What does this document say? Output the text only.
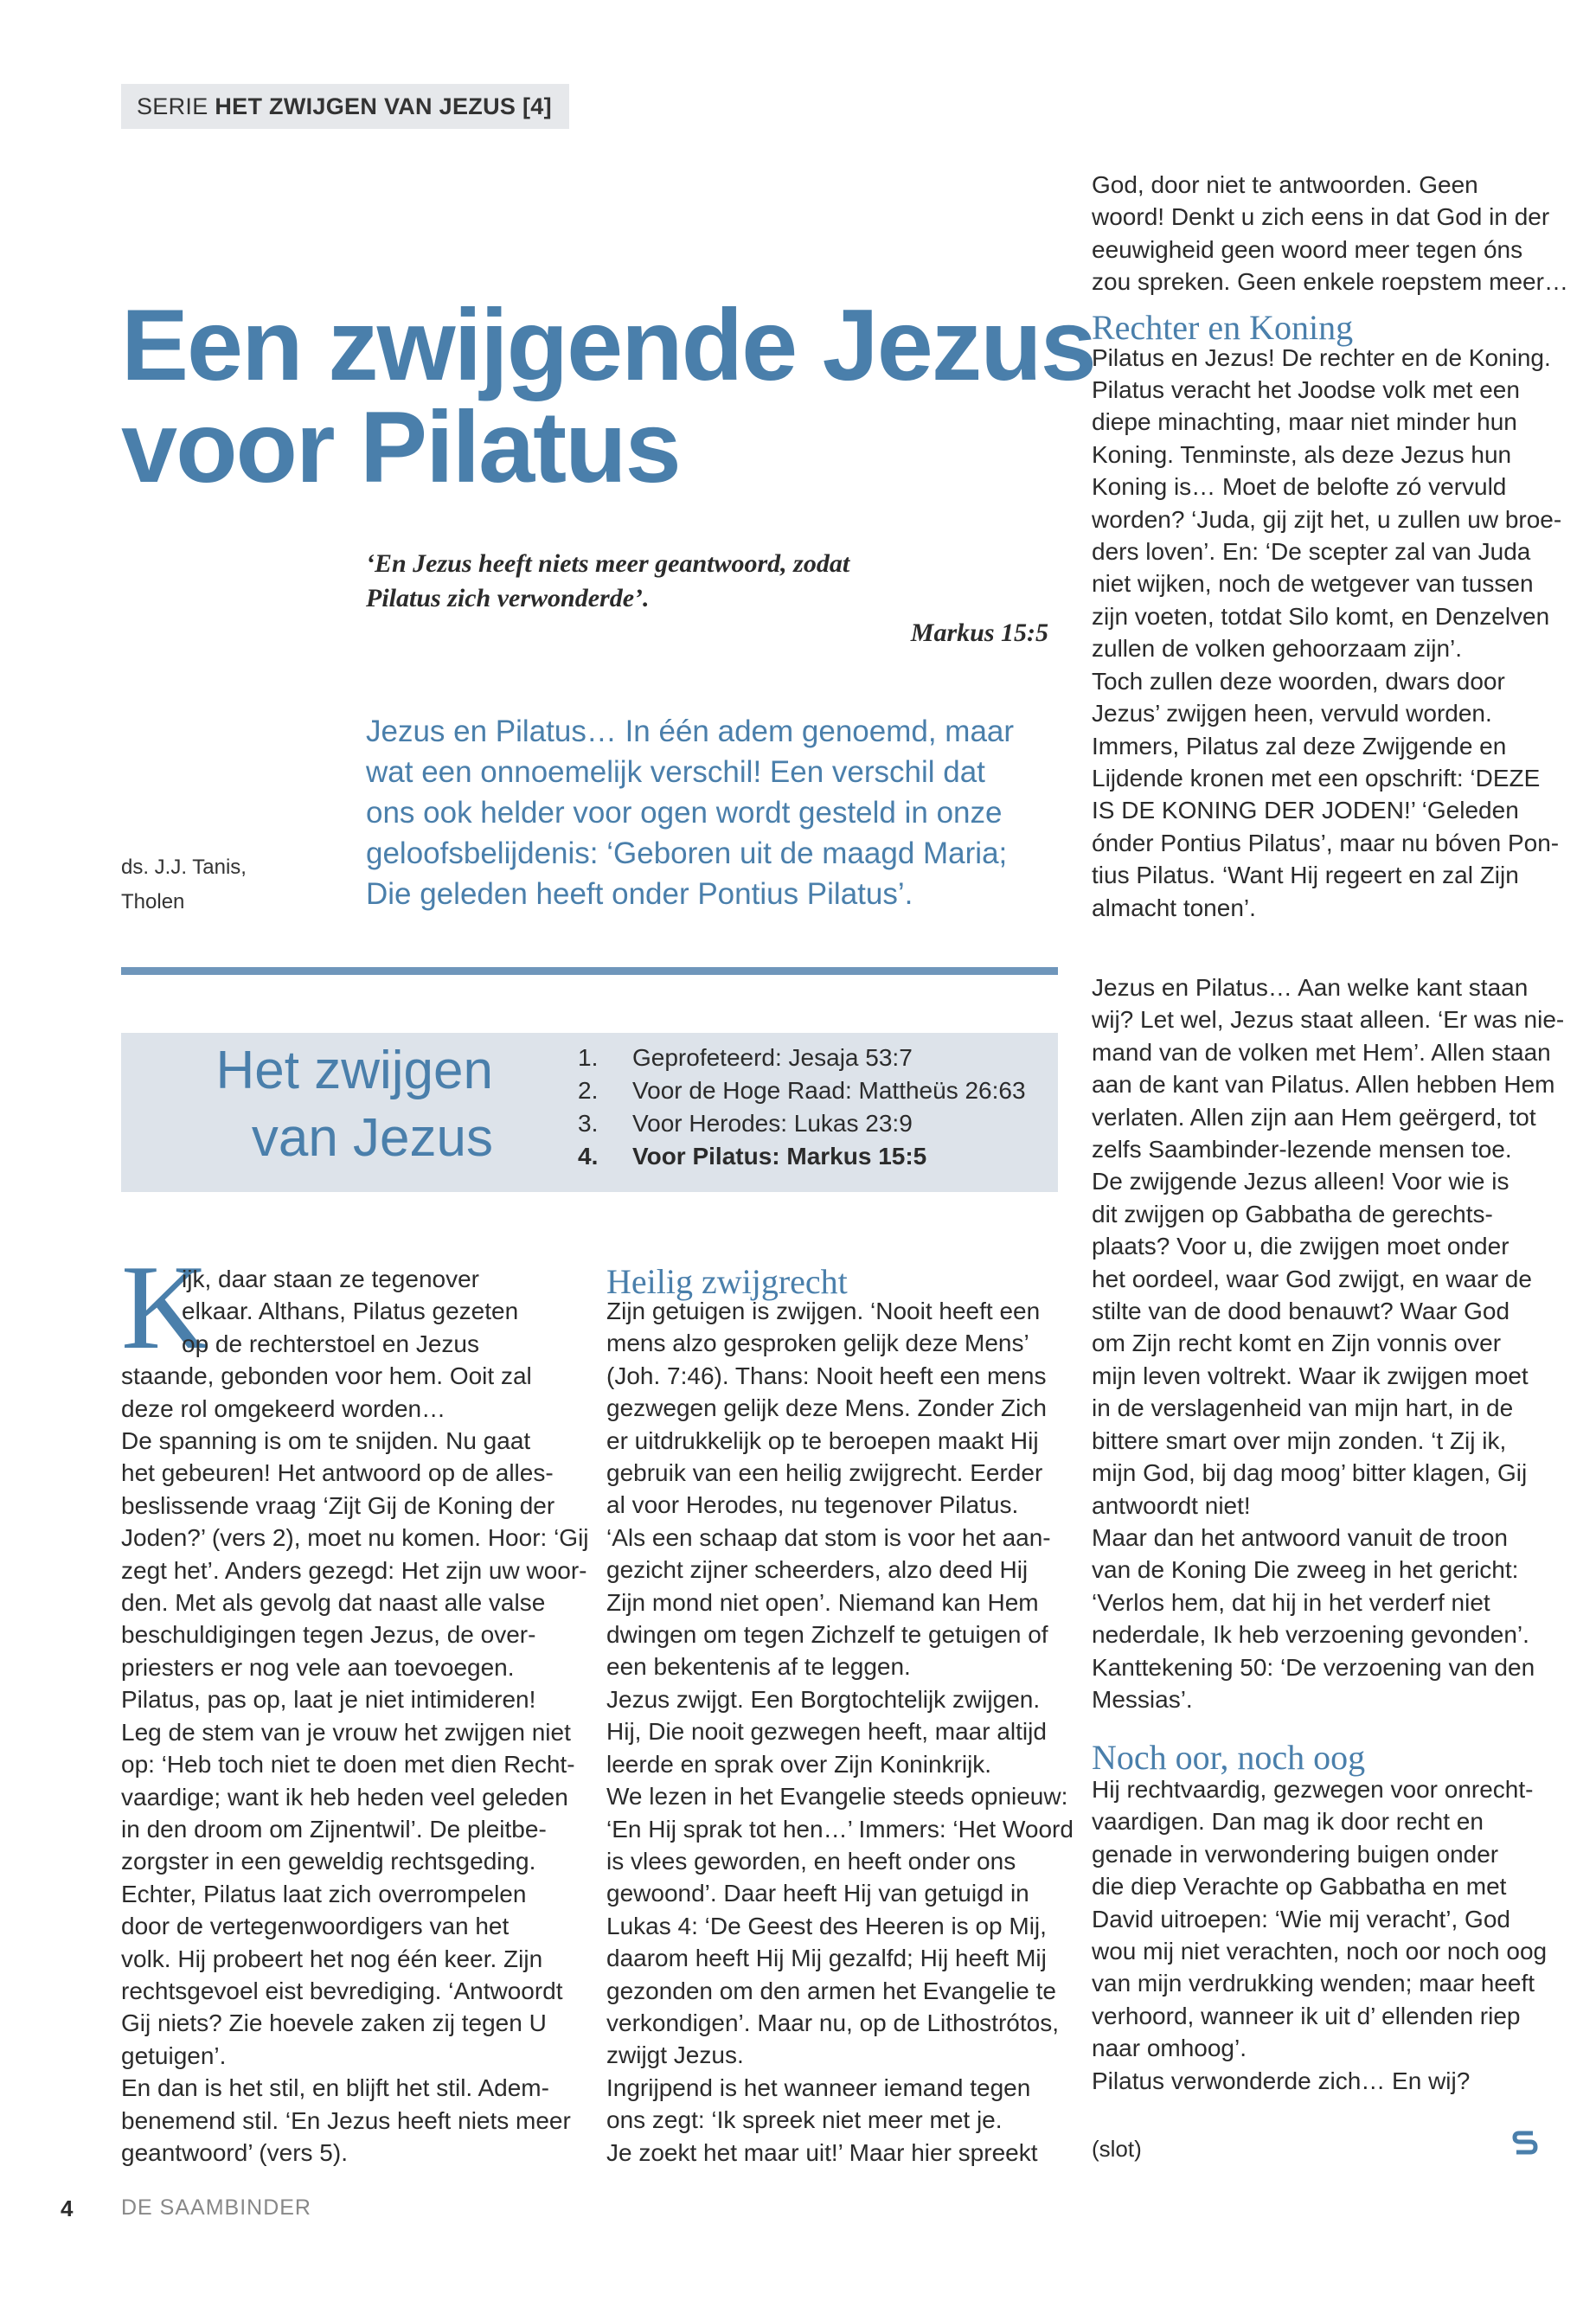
SERIE HET ZWIJGEN VAN JEZUS [4]
Een zwijgende Jezus
voor Pilatus
‘En Jezus heeft niets meer geantwoord, zodat
Pilatus zich verwonderde’.
Markus 15:5
Jezus en Pilatus… In één adem genoemd, maar
wat een onnoemelijk verschil! Een verschil dat
ons ook helder voor ogen wordt gesteld in onze
geloofsbelijdenis: ‘Geboren uit de maagd Maria;
Die geleden heeft onder Pontius Pilatus’.
ds. J.J. Tanis,
Tholen
Het zwijgen
van Jezus
1. Geprofeteerd: Jesaja 53:7
2. Voor de Hoge Raad: Mattheüs 26:63
3. Voor Herodes: Lukas 23:9
4. Voor Pilatus: Markus 15:5
K
ijk, daar staan ze tegenover
elkaar. Althans, Pilatus gezeten
op de rechterstoel en Jezus
staande, gebonden voor hem. Ooit zal
deze rol omgekeerd worden…
De spanning is om te snijden. Nu gaat
het gebeuren! Het antwoord op de alles-
beslissende vraag ‘Zijt Gij de Koning der
Joden?’ (vers 2), moet nu komen. Hoor: ‘Gij
zegt het’. Anders gezegd: Het zijn uw woor-
den. Met als gevolg dat naast alle valse
beschuldigingen tegen Jezus, de over-
priesters er nog vele aan toevoegen.
Pilatus, pas op, laat je niet intimideren!
Leg de stem van je vrouw het zwijgen niet
op: ‘Heb toch niet te doen met dien Recht-
vaardige; want ik heb heden veel geleden
in den droom om Zijnentwil’. De pleitbe-
zorgster in een geweldig rechtsgeding.
Echter, Pilatus laat zich overrompelen
door de vertegenwoordigers van het
volk. Hij probeert het nog één keer. Zijn
rechtsgevoel eist bevrediging. ‘Antwoordt
Gij niets? Zie hoevele zaken zij tegen U
getuigen’.
En dan is het stil, en blijft het stil. Adem-
benemend stil. ‘En Jezus heeft niets meer
geantwoord’ (vers 5).
Heilig zwijgrecht
Zijn getuigen is zwijgen. ‘Nooit heeft een
mens alzo gesproken gelijk deze Mens’
(Joh. 7:46). Thans: Nooit heeft een mens
gezwegen gelijk deze Mens. Zonder Zich
er uitdrukkelijk op te beroepen maakt Hij
gebruik van een heilig zwijgrecht. Eerder
al voor Herodes, nu tegenover Pilatus.
‘Als een schaap dat stom is voor het aan-
gezicht zijner scheerders, alzo deed Hij
Zijn mond niet open’. Niemand kan Hem
dwingen om tegen Zichzelf te getuigen of
een bekentenis af te leggen.
Jezus zwijgt. Een Borgtochtelijk zwijgen.
Hij, Die nooit gezwegen heeft, maar altijd
leerde en sprak over Zijn Koninkrijk.
We lezen in het Evangelie steeds opnieuw:
‘En Hij sprak tot hen…’ Immers: ‘Het Woord
is vlees geworden, en heeft onder ons
gewoond’. Daar heeft Hij van getuigd in
Lukas 4: ‘De Geest des Heeren is op Mij,
daarom heeft Hij Mij gezalfd; Hij heeft Mij
gezonden om den armen het Evangelie te
verkondigen’. Maar nu, op de Lithostrótos,
zwijgt Jezus.
Ingrijpend is het wanneer iemand tegen
ons zegt: ‘Ik spreek niet meer met je.
Je zoekt het maar uit!’ Maar hier spreekt
God, door niet te antwoorden. Geen
woord! Denkt u zich eens in dat God in der
eeuwigheid geen woord meer tegen óns
zou spreken. Geen enkele roepstem meer…
Rechter en Koning
Pilatus en Jezus! De rechter en de Koning.
Pilatus veracht het Joodse volk met een
diepe minachting, maar niet minder hun
Koning. Tenminste, als deze Jezus hun
Koning is… Moet de belofte zó vervuld
worden? ‘Juda, gij zijt het, u zullen uw broe-
ders loven’. En: ‘De scepter zal van Juda
niet wijken, noch de wetgever van tussen
zijn voeten, totdat Silo komt, en Denzelven
zullen de volken gehoorzaam zijn’.
Toch zullen deze woorden, dwars door
Jezus’ zwijgen heen, vervuld worden.
Immers, Pilatus zal deze Zwijgende en
Lijdende kronen met een opschrift: ‘DEZE
IS DE KONING DER JODEN!’ ‘Geleden
ónder Pontius Pilatus’, maar nu bóven Pon-
tius Pilatus. ‘Want Hij regeert en zal Zijn
almacht tonen’.
Jezus en Pilatus… Aan welke kant staan
wij? Let wel, Jezus staat alleen. ‘Er was nie-
mand van de volken met Hem’. Allen staan
aan de kant van Pilatus. Allen hebben Hem
verlaten. Allen zijn aan Hem geërgerd, tot
zelfs Saambinder-lezende mensen toe.
De zwijgende Jezus alleen! Voor wie is
dit zwijgen op Gabbatha de gerechts-
plaats? Voor u, die zwijgen moet onder
het oordeel, waar God zwijgt, en waar de
stilte van de dood benauwt? Waar God
om Zijn recht komt en Zijn vonnis over
mijn leven voltrekt. Waar ik zwijgen moet
in de verslagenheid van mijn hart, in de
bittere smart over mijn zonden. ‘t Zij ik,
mijn God, bij dag moog’ bitter klagen, Gij
antwoordt niet!
Maar dan het antwoord vanuit de troon
van de Koning Die zweeg in het gericht:
‘Verlos hem, dat hij in het verderf niet
nederdale, Ik heb verzoening gevonden’.
Kanttekening 50: ‘De verzoening van den
Messias’.
Noch oor, noch oog
Hij rechtvaardig, gezwegen voor onrecht-
vaardigen. Dan mag ik door recht en
genade in verwondering buigen onder
die diep Verachte op Gabbatha en met
David uitroepen: ‘Wie mij veracht’, God
wou mij niet verachten, noch oor noch oog
van mijn verdrukking wenden; maar heeft
verhoord, wanneer ik uit d’ ellenden riep
naar omhoog’.
Pilatus verwonderde zich… En wij?
(slot)
4 DE SAAMBINDER
